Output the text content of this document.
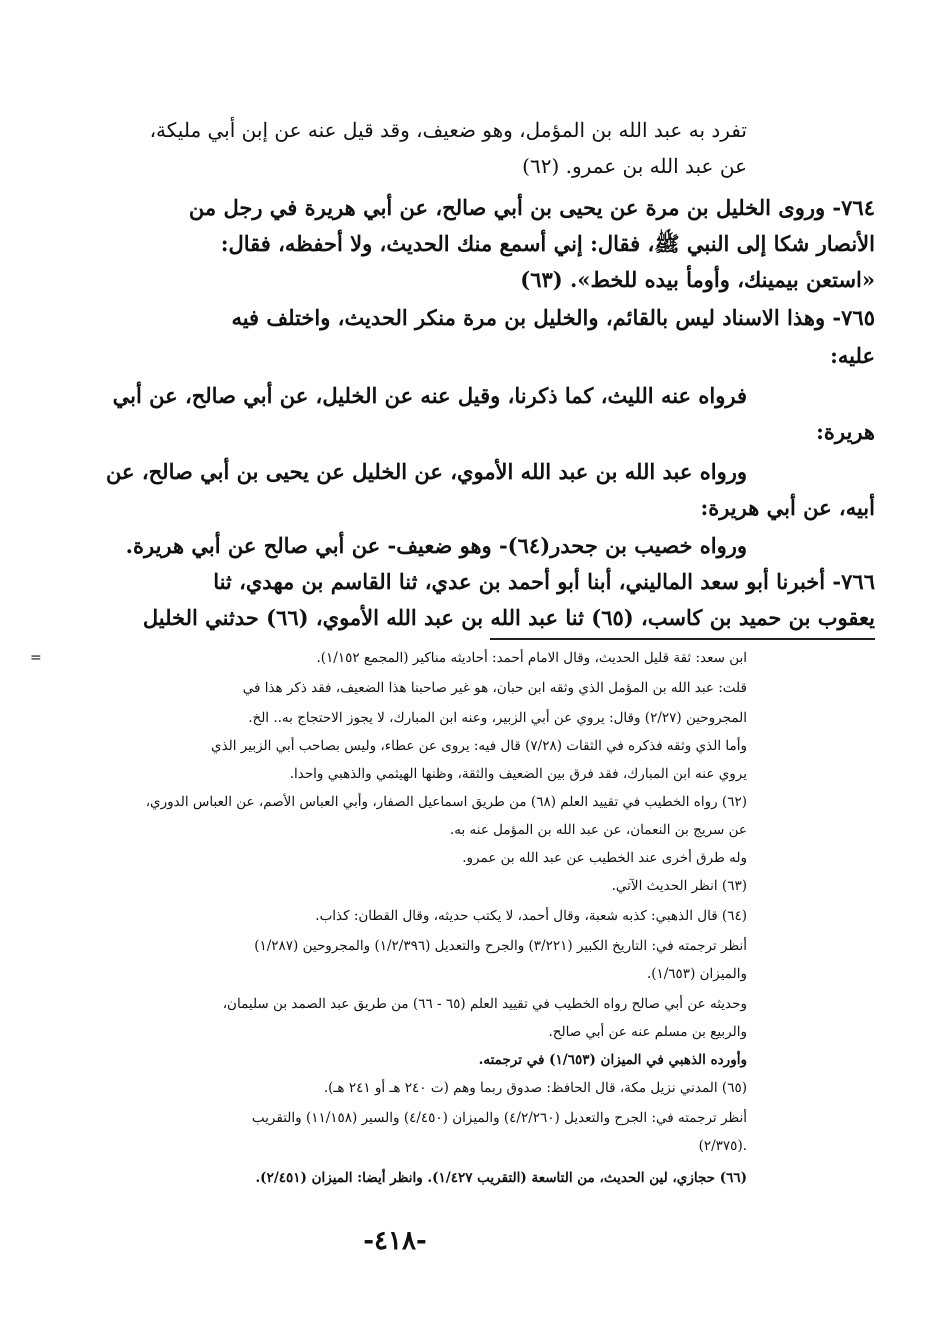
تفرد به عبد الله بن المؤمل، وهو ضعيف، وقد قيل عنه عن إبن أبي مليكة،
عن عبد الله بن عمرو. (٦٢)
٧٦٤- وروى الخليل بن مرة عن يحيى بن أبي صالح، عن أبي هريرة في رجل من
الأنصار شكا إلى النبي ﷺ، فقال: إني أسمع منك الحديث، ولا أحفظه، فقال:
«استعن بيمينك، وأومأ بيده للخط». (٦٣)
٧٦٥- وهذا الاسناد ليس بالقائم، والخليل بن مرة منكر الحديث، واختلف فيه
عليه:
فرواه عنه الليث، كما ذكرنا، وقيل عنه عن الخليل، عن أبي صالح، عن أبي
هريرة:
ورواه عبد الله بن عبد الله الأموي، عن الخليل عن يحيى بن أبي صالح، عن
أبيه، عن أبي هريرة:
ورواه خصيب بن جحدر(٦٤)- وهو ضعيف- عن أبي صالح عن أبي هريرة.
٧٦٦- أخبرنا أبو سعد الماليني، أبنا أبو أحمد بن عدي، ثنا القاسم بن مهدي، ثنا
يعقوب بن حميد بن كاسب، (٦٥) ثنا عبد الله بن عبد الله الأموي، (٦٦) حدثني الخليل
=	ابن سعد: ثقة قليل الحديث، وقال الامام أحمد: أحاديثه مناكير (المجمع ١/١٥٢).
قلت: عبد الله بن المؤمل الذي وثقه ابن حبان، هو غير صاحبنا هذا الضعيف، فقد ذكر هذا في
المجروحين (٢/٢٧) وقال: يروي عن أبي الزبير، وعنه ابن المبارك، لا يجوز الاحتجاج به.. الخ.
وأما الذي وثقه فذكره في الثقات (٧/٢٨) قال فيه: يروى عن عطاء، وليس بصاحب أبي الزبير الذي
يروي عنه ابن المبارك، فقد فرق بين الضعيف والثقة، وظنها الهيثمي والذهبي واحدا.
(٦٢) رواه الخطيب في تقييد العلم (٦٨) من طريق اسماعيل الصفار، وأبي العباس الأصم، عن العباس الدوري،
عن سريج بن النعمان، عن عبد الله بن المؤمل عنه به.
وله طرق أخرى عند الخطيب عن عبد الله بن عمرو.
(٦٣) انظر الحديث الآتي.
(٦٤) قال الذهبي: كذبه شعبة، وقال أحمد، لا يكتب حديثه، وقال القطان: كذاب.
أنظر ترجمته في: التاريخ الكبير (٣/٢٢١) والجرح والتعديل (١/٢/٣٩٦) والمجروحين (١/٢٨٧)
والميزان (١/٦٥٣).
وحديثه عن أبي صالح رواه الخطيب في تقييد العلم (٦٥ - ٦٦) من طريق عبد الصمد بن سليمان،
والربيع بن مسلم عنه عن أبي صالح.
وأورده الذهبي في الميزان (١/٦٥٣) في ترجمته.
(٦٥) المدني نزيل مكة، قال الحافظ: صدوق ربما وهم (ت ٢٤٠ هـ أو ٢٤١ هـ).
أنظر ترجمته في: الجرح والتعديل (٤/٢/٢٦٠) والميزان (٤/٤٥٠) والسير (١١/١٥٨) والتقريب
(٢/٣٧٥).
(٦٦) حجازي، لين الحديث، من التاسعة (التقريب ١/٤٢٧). وانظر أيضا: الميزان (٢/٤٥١).
-٤١٨-
